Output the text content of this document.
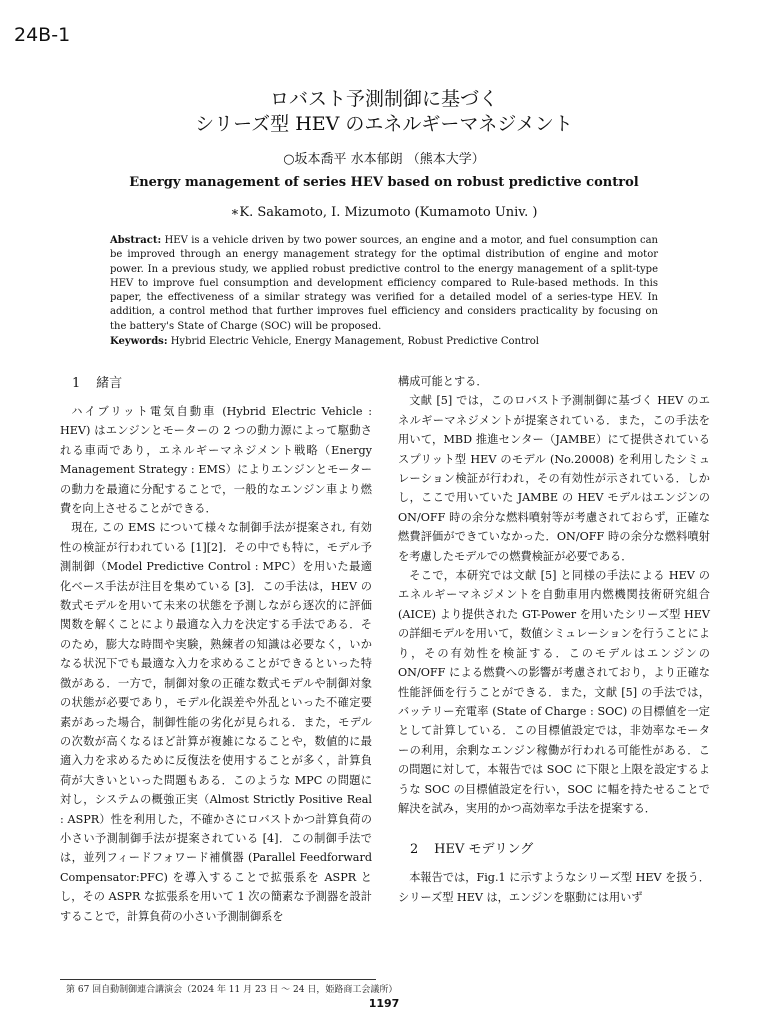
24B-1
ロバスト予測制御に基づく
シリーズ型 HEV のエネルギーマネジメント
○坂本喬平 水本郁朗 （熊本大学）
Energy management of series HEV based on robust predictive control
∗K. Sakamoto, I. Mizumoto (Kumamoto Univ. )
Abstract: HEV is a vehicle driven by two power sources, an engine and a motor, and fuel consumption can be improved through an energy management strategy for the optimal distribution of engine and motor power. In a previous study, we applied robust predictive control to the energy management of a split-type HEV to improve fuel consumption and development efficiency compared to Rule-based methods. In this paper, the effectiveness of a similar strategy was verified for a detailed model of a series-type HEV. In addition, a control method that further improves fuel efficiency and considers practicality by focusing on the battery's State of Charge (SOC) will be proposed.
Keywords: Hybrid Electric Vehicle, Energy Management, Robust Predictive Control
1 緒言

ハイブリット電気自動車 (Hybrid Electric Vehicle : HEV) はエンジンとモーターの 2 つの動力源によって駆動される車両であり，エネルギーマネジメント戦略（Energy Management Strategy : EMS）によりエンジンとモーターの動力を最適に分配することで，一般的なエンジン車より燃費を向上させることができる．

現在, この EMS について様々な制御手法が提案され, 有効性の検証が行われている [1][2]．その中でも特に，モデル予測制御（Model Predictive Control : MPC）を用いた最適化ベース手法が注目を集めている [3]．この手法は，HEV の数式モデルを用いて未来の状態を予測しながら逐次的に評価関数を解くことにより最適な入力を決定する手法である．そのため，膨大な時間や実験，熟練者の知識は必要なく，いかなる状況下でも最適な入力を求めることができるといった特徴がある．一方で，制御対象の正確な数式モデルや制御対象の状態が必要であり，モデル化誤差や外乱といった不確定要素があった場合，制御性能の劣化が見られる．また，モデルの次数が高くなるほど計算が複雑になることや，数値的に最適入力を求めるために反復法を使用することが多く，計算負荷が大きいといった問題もある．このような MPC の問題に対し，システムの概強正実（Almost Strictly Positive Real : ASPR）性を利用した，不確かさにロバストかつ計算負荷の小さい予測制御手法が提案されている [4]．この制御手法では，並列フィードフォワード補償器 (Parallel Feedforward Compensator:PFC) を導入することで拡張系を ASPR とし，その ASPR な拡張系を用いて 1 次の簡素な予測器を設計することで，計算負荷の小さい予測制御系を

構成可能とする．

文献 [5] では，このロバスト予測制御に基づく HEV のエネルギーマネジメントが提案されている．また，この手法を用いて，MBD 推進センター（JAMBE）にて提供されているスプリット型 HEV のモデル (No.20008) を利用したシミュレーション検証が行われ，その有効性が示されている．しかし，ここで用いていた JAMBE の HEV モデルはエンジンの ON/OFF 時の余分な燃料噴射等が考慮されておらず，正確な燃費評価ができていなかった．ON/OFF 時の余分な燃料噴射を考慮したモデルでの燃費検証が必要である．

そこで，本研究では文献 [5] と同様の手法による HEV のエネルギーマネジメントを自動車用内燃機関技術研究組合 (AICE) より提供された GT-Power を用いたシリーズ型 HEV の詳細モデルを用いて，数値シミュレーションを行うことにより，その有効性を検証する．このモデルはエンジンの ON/OFF による燃費への影響が考慮されており，より正確な性能評価を行うことができる．また，文献 [5] の手法では，バッテリー充電率 (State of Charge : SOC) の目標値を一定として計算している．この目標値設定では，非効率なモーターの利用，余剰なエンジン稼働が行われる可能性がある．この問題に対して，本報告では SOC に下限と上限を設定するような SOC の目標値設定を行い，SOC に幅を持たせることで解決を試み，実用的かつ高効率な手法を提案する．

2 HEV モデリング

本報告では，Fig.1 に示すようなシリーズ型 HEV を扱う．シリーズ型 HEV は，エンジンを駆動には用いず

第 67 回自動制御連合講演会（2024 年 11 月 23 日 〜 24 日，姫路商工会議所）
1197
